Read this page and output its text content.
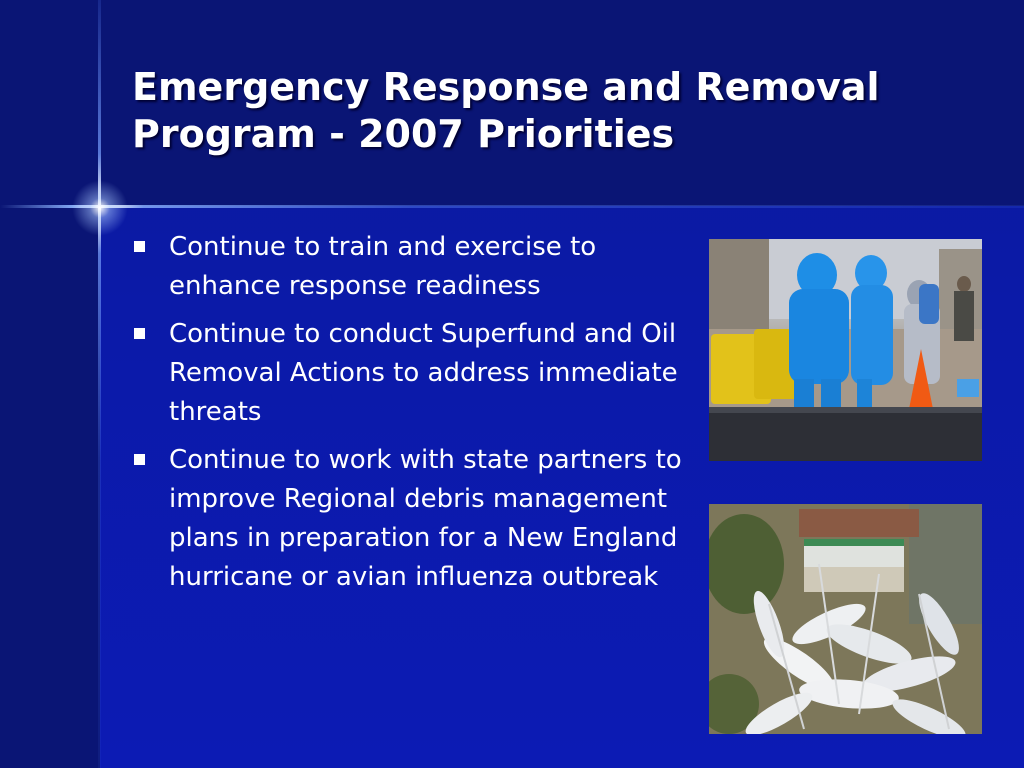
Emergency Response and Removal Program - 2007 Priorities
Continue to train and exercise to enhance response readiness
Continue to conduct Superfund and Oil Removal Actions to address immediate threats
Continue to work with state partners to improve Regional debris management plans in preparation for a New England hurricane or avian influenza outbreak
